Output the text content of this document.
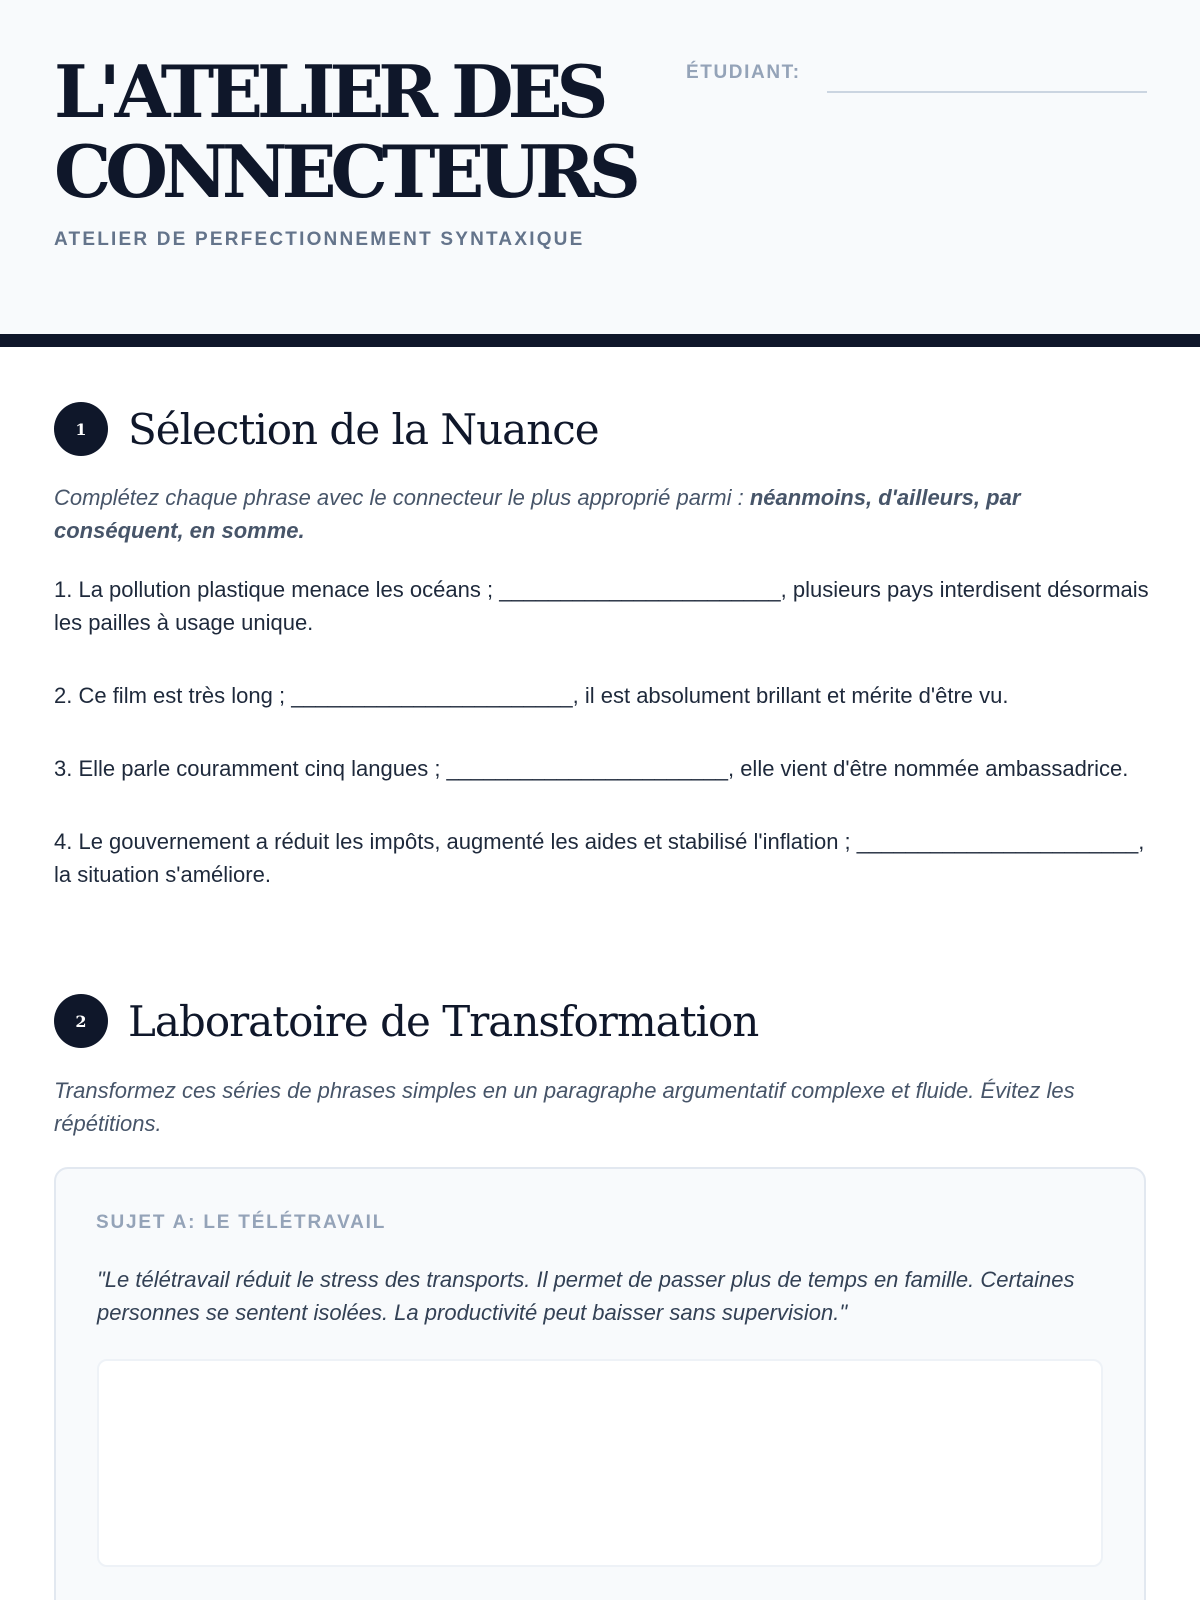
L'ATELIER DES
CONNECTEURS

ATELIER DE PERFECTIONNEMENT SYNTAXIQUE

ÉTUDIANT:
1 Sélection de la Nuance

Complétez chaque phrase avec le connecteur le plus approprié parmi : néanmoins, d'ailleurs, par conséquent, en somme.

1. La pollution plastique menace les océans ; _______________________, plusieurs pays interdisent désormais les pailles à usage unique.
2. Ce film est très long ; _______________________, il est absolument brillant et mérite d'être vu.
3. Elle parle couramment cinq langues ; _______________________, elle vient d'être nommée ambassadrice.
4. Le gouvernement a réduit les impôts, augmenté les aides et stabilisé l'inflation ; _______________________, la situation s'améliore.
2 Laboratoire de Transformation

Transformez ces séries de phrases simples en un paragraphe argumentatif complexe et fluide. Évitez les répétitions.

SUJET A: LE TÉLÉTRAVAIL

"Le télétravail réduit le stress des transports. Il permet de passer plus de temps en famille. Certaines personnes se sentent isolées. La productivité peut baisser sans supervision."
